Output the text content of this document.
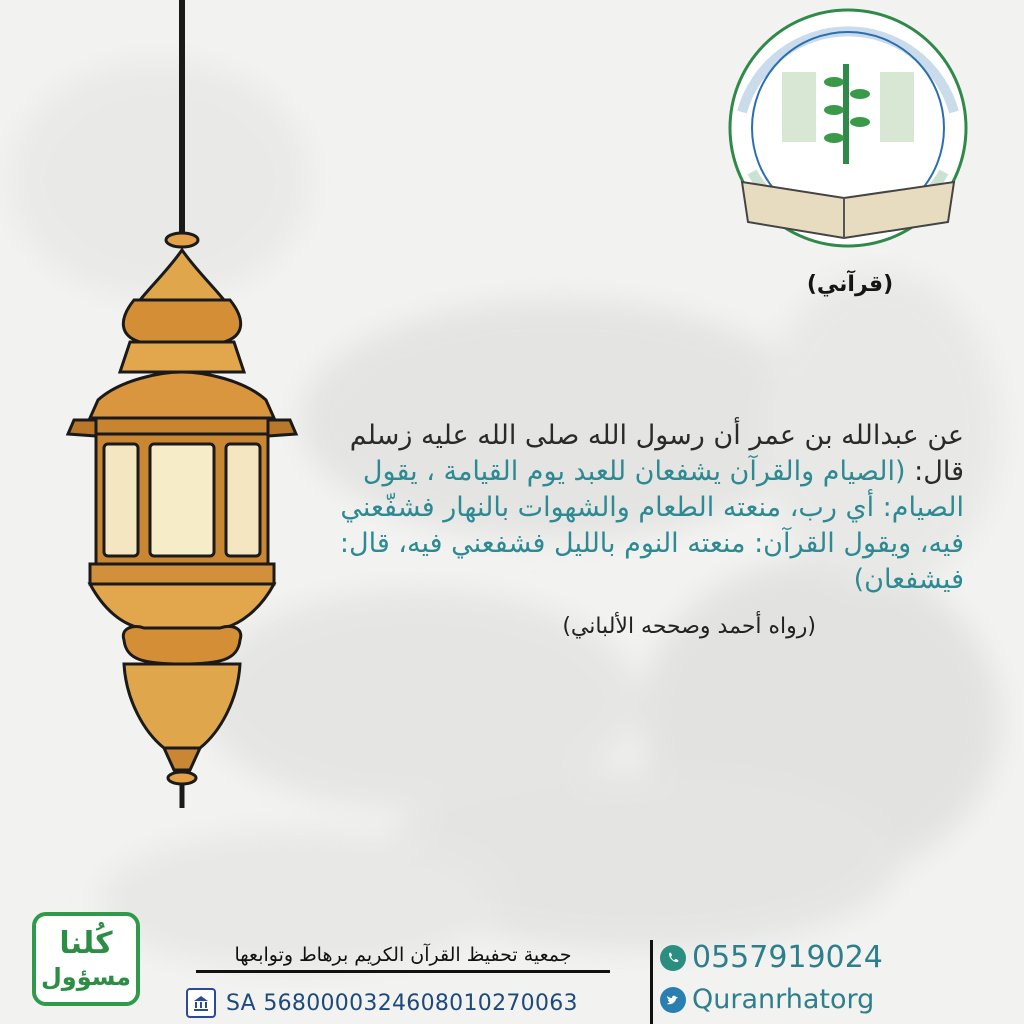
(قرآني)
عن عبدالله بن عمر أن رسول الله صلى الله عليه زسلم قال: (الصيام والقرآن يشفعان للعبد يوم القيامة ، يقول الصيام: أي رب، منعته الطعام والشهوات بالنهار فشفّعني فيه، ويقول القرآن: منعته النوم بالليل فشفعني فيه، قال: فيشفعان)
(رواه أحمد وصححه الألباني)
كُلنا
مسؤول
جمعية تحفيظ القرآن الكريم برهاط وتوابعها
SA 5680000324608010270063
0557919024
Quranrhatorg
